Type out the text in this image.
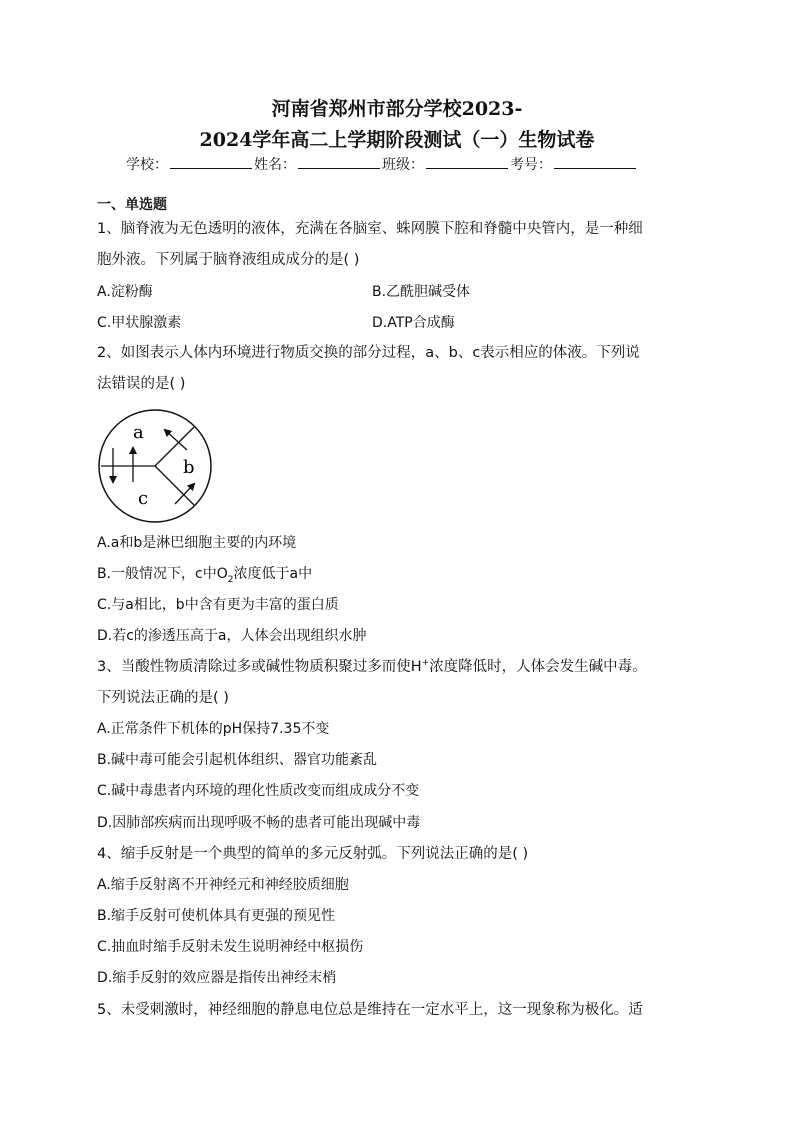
河南省郑州市部分学校2023-
2024学年高二上学期阶段测试（一）生物试卷
学校：	姓名：	班级：	考号：
一、单选题
1、脑脊液为无色透明的液体，充满在各脑室、蛛网膜下腔和脊髓中央管内，是一种细
胞外液。下列属于脑脊液组成成分的是( )
A.淀粉酶	B.乙酰胆碱受体
C.甲状腺激素	D.ATP合成酶
2、如图表示人体内环境进行物质交换的部分过程，a、b、c表示相应的体液。下列说
法错误的是( )
a
b
c
A.a和b是淋巴细胞主要的内环境
B.一般情况下，c中$O_2$浓度低于a中
C.与a相比，b中含有更为丰富的蛋白质
D.若c的渗透压高于a，人体会出现组织水肿
3、当酸性物质清除过多或碱性物质积聚过多而使H+浓度降低时，人体会发生碱中毒。
下列说法正确的是( )
A.正常条件下机体的pH保持7.35不变
B.碱中毒可能会引起机体组织、器官功能紊乱
C.碱中毒患者内环境的理化性质改变而组成成分不变
D.因肺部疾病而出现呼吸不畅的患者可能出现碱中毒
4、缩手反射是一个典型的简单的多元反射弧。下列说法正确的是( )
A.缩手反射离不开神经元和神经胶质细胞
B.缩手反射可使机体具有更强的预见性
C.抽血时缩手反射未发生说明神经中枢损伤
D.缩手反射的效应器是指传出神经末梢
5、未受刺激时，神经细胞的静息电位总是维持在一定水平上，这一现象称为极化。适
